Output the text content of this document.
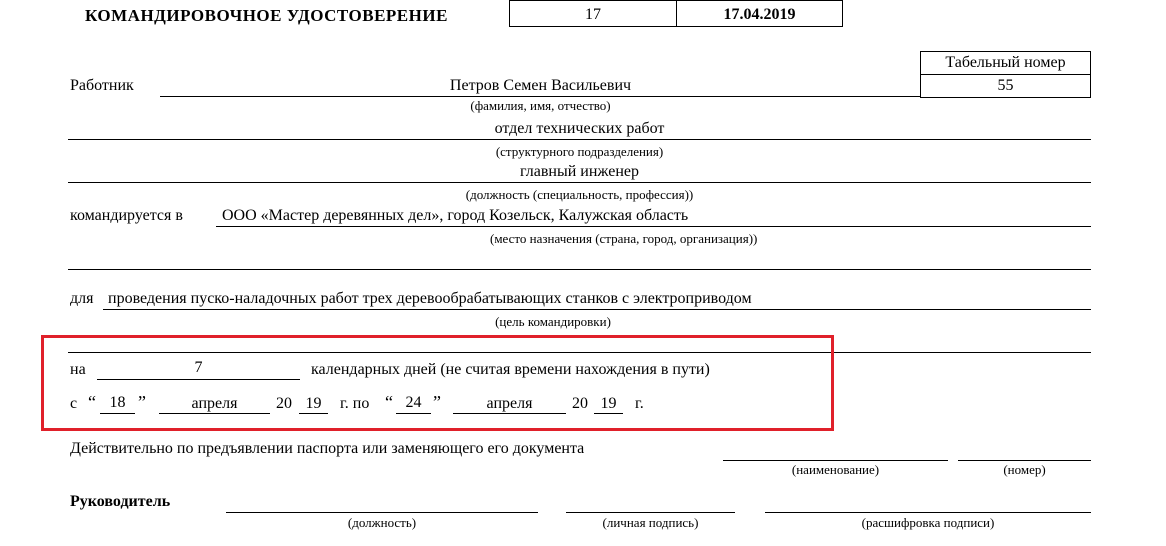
КОМАНДИРОВОЧНОЕ УДОСТОВЕРЕНИЕ	17	17.04.2019
Табельный номер
55
Работник	Петров Семен Васильевич
(фамилия, имя, отчество)
отдел технических работ
(структурного подразделения)
главный инженер
(должность (специальность, профессия))
командируется в ООО «Мастер деревянных дел», город Козельск, Калужская область
(место назначения (страна, город, организация))
для проведения пуско-наладочных работ трех деревообрабатывающих станков с электроприводом
(цель командировки)
на	7	календарных дней (не считая времени нахождения в пути)
с “ 18 ”	апреля	20 19	г. по “ 24 ”	апреля	20 19	г.
Действительно по предъявлении паспорта или заменяющего его документа
(наименование)	(номер)
Руководитель
(должность)	(личная подпись)	(расшифровка подписи)
